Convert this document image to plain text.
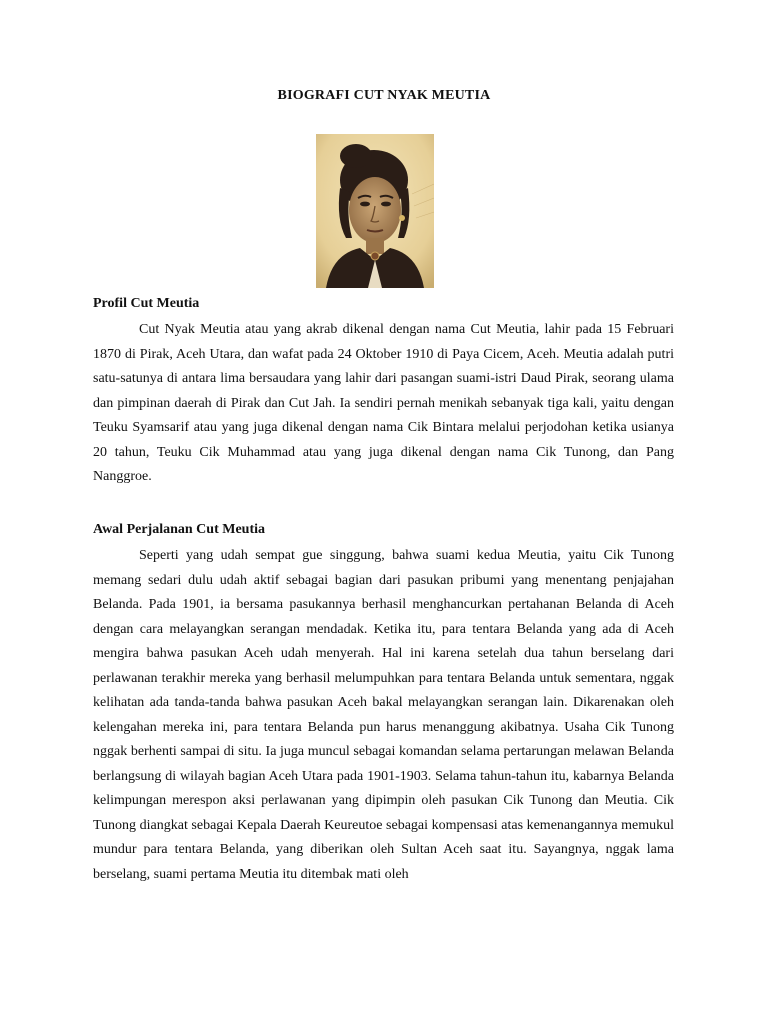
BIOGRAFI CUT NYAK MEUTIA
Profil Cut Meutia

Cut Nyak Meutia atau yang akrab dikenal dengan nama Cut Meutia, lahir pada 15 Februari 1870 di Pirak, Aceh Utara, dan wafat pada 24 Oktober 1910 di Paya Cicem, Aceh. Meutia adalah putri satu-satunya di antara lima bersaudara yang lahir dari pasangan suami-istri Daud Pirak, seorang ulama dan pimpinan daerah di Pirak dan Cut Jah. Ia sendiri pernah menikah sebanyak tiga kali, yaitu dengan Teuku Syamsarif atau yang juga dikenal dengan nama Cik Bintara melalui perjodohan ketika usianya 20 tahun, Teuku Cik Muhammad atau yang juga dikenal dengan nama Cik Tunong, dan Pang Nanggroe.

Awal Perjalanan Cut Meutia

Seperti yang udah sempat gue singgung, bahwa suami kedua Meutia, yaitu Cik Tunong memang sedari dulu udah aktif sebagai bagian dari pasukan pribumi yang menentang penjajahan Belanda. Pada 1901, ia bersama pasukannya berhasil menghancurkan pertahanan Belanda di Aceh dengan cara melayangkan serangan mendadak. Ketika itu, para tentara Belanda yang ada di Aceh mengira bahwa pasukan Aceh udah menyerah. Hal ini karena setelah dua tahun berselang dari perlawanan terakhir mereka yang berhasil melumpuhkan para tentara Belanda untuk sementara, nggak kelihatan ada tanda-tanda bahwa pasukan Aceh bakal melayangkan serangan lain. Dikarenakan oleh kelengahan mereka ini, para tentara Belanda pun harus menanggung akibatnya. Usaha Cik Tunong nggak berhenti sampai di situ. Ia juga muncul sebagai komandan selama pertarungan melawan Belanda berlangsung di wilayah bagian Aceh Utara pada 1901-1903. Selama tahun-tahun itu, kabarnya Belanda kelimpungan merespon aksi perlawanan yang dipimpin oleh pasukan Cik Tunong dan Meutia. Cik Tunong diangkat sebagai Kepala Daerah Keureutoe sebagai kompensasi atas kemenangannya memukul mundur para tentara Belanda, yang diberikan oleh Sultan Aceh saat itu. Sayangnya, nggak lama berselang, suami pertama Meutia itu ditembak mati oleh
